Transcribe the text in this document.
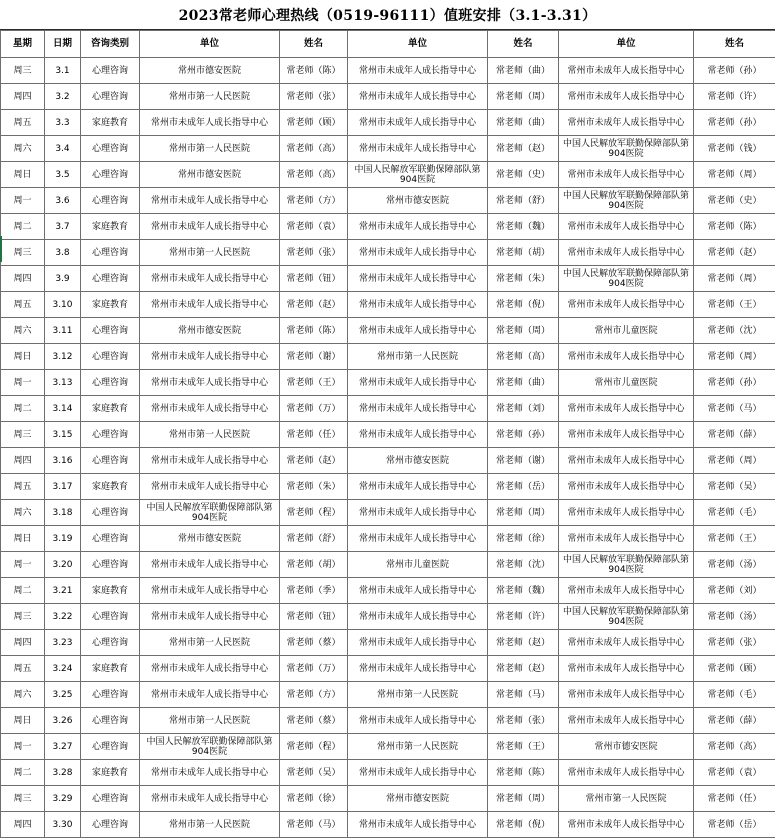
2023常老师心理热线（0519-96111）值班安排（3.1-3.31）
星期	日期	咨询类别	单位	姓名	单位	姓名	单位	姓名
周三	3.1	心理咨询	常州市德安医院	常老师（陈）	常州市未成年人成长指导中心	常老师（曲）	常州市未成年人成长指导中心	常老师（孙）
周四	3.2	心理咨询	常州市第一人民医院	常老师（张）	常州市未成年人成长指导中心	常老师（周）	常州市未成年人成长指导中心	常老师（许）
周五	3.3	家庭教育	常州市未成年人成长指导中心	常老师（顾）	常州市未成年人成长指导中心	常老师（曲）	常州市未成年人成长指导中心	常老师（孙）
周六	3.4	心理咨询	常州市第一人民医院	常老师（高）	常州市未成年人成长指导中心	常老师（赵）	中国人民解放军联勤保障部队第904医院	常老师（钱）
周日	3.5	心理咨询	常州市德安医院	常老师（高）	中国人民解放军联勤保障部队第904医院	常老师（史）	常州市未成年人成长指导中心	常老师（周）
周一	3.6	心理咨询	常州市未成年人成长指导中心	常老师（方）	常州市德安医院	常老师（舒）	中国人民解放军联勤保障部队第904医院	常老师（史）
周二	3.7	家庭教育	常州市未成年人成长指导中心	常老师（袁）	常州市未成年人成长指导中心	常老师（魏）	常州市未成年人成长指导中心	常老师（陈）
周三	3.8	心理咨询	常州市第一人民医院	常老师（张）	常州市未成年人成长指导中心	常老师（胡）	常州市未成年人成长指导中心	常老师（赵）
周四	3.9	心理咨询	常州市未成年人成长指导中心	常老师（钮）	常州市未成年人成长指导中心	常老师（朱）	中国人民解放军联勤保障部队第904医院	常老师（周）
周五	3.10	家庭教育	常州市未成年人成长指导中心	常老师（赵）	常州市未成年人成长指导中心	常老师（倪）	常州市未成年人成长指导中心	常老师（王）
周六	3.11	心理咨询	常州市德安医院	常老师（陈）	常州市未成年人成长指导中心	常老师（周）	常州市儿童医院	常老师（沈）
周日	3.12	心理咨询	常州市未成年人成长指导中心	常老师（谢）	常州市第一人民医院	常老师（高）	常州市未成年人成长指导中心	常老师（周）
周一	3.13	心理咨询	常州市未成年人成长指导中心	常老师（王）	常州市未成年人成长指导中心	常老师（曲）	常州市儿童医院	常老师（孙）
周二	3.14	家庭教育	常州市未成年人成长指导中心	常老师（万）	常州市未成年人成长指导中心	常老师（刘）	常州市未成年人成长指导中心	常老师（马）
周三	3.15	心理咨询	常州市第一人民医院	常老师（任）	常州市未成年人成长指导中心	常老师（孙）	常州市未成年人成长指导中心	常老师（薛）
周四	3.16	心理咨询	常州市未成年人成长指导中心	常老师（赵）	常州市德安医院	常老师（谢）	常州市未成年人成长指导中心	常老师（周）
周五	3.17	家庭教育	常州市未成年人成长指导中心	常老师（朱）	常州市未成年人成长指导中心	常老师（岳）	常州市未成年人成长指导中心	常老师（吴）
周六	3.18	心理咨询	中国人民解放军联勤保障部队第904医院	常老师（程）	常州市未成年人成长指导中心	常老师（周）	常州市未成年人成长指导中心	常老师（毛）
周日	3.19	心理咨询	常州市德安医院	常老师（舒）	常州市未成年人成长指导中心	常老师（徐）	常州市未成年人成长指导中心	常老师（王）
周一	3.20	心理咨询	常州市未成年人成长指导中心	常老师（胡）	常州市儿童医院	常老师（沈）	中国人民解放军联勤保障部队第904医院	常老师（汤）
周二	3.21	家庭教育	常州市未成年人成长指导中心	常老师（季）	常州市未成年人成长指导中心	常老师（魏）	常州市未成年人成长指导中心	常老师（刘）
周三	3.22	心理咨询	常州市未成年人成长指导中心	常老师（钮）	常州市未成年人成长指导中心	常老师（许）	中国人民解放军联勤保障部队第904医院	常老师（汤）
周四	3.23	心理咨询	常州市第一人民医院	常老师（蔡）	常州市未成年人成长指导中心	常老师（赵）	常州市未成年人成长指导中心	常老师（张）
周五	3.24	家庭教育	常州市未成年人成长指导中心	常老师（万）	常州市未成年人成长指导中心	常老师（赵）	常州市未成年人成长指导中心	常老师（顾）
周六	3.25	心理咨询	常州市未成年人成长指导中心	常老师（方）	常州市第一人民医院	常老师（马）	常州市未成年人成长指导中心	常老师（毛）
周日	3.26	心理咨询	常州市第一人民医院	常老师（蔡）	常州市未成年人成长指导中心	常老师（张）	常州市未成年人成长指导中心	常老师（薛）
周一	3.27	心理咨询	中国人民解放军联勤保障部队第904医院	常老师（程）	常州市第一人民医院	常老师（王）	常州市德安医院	常老师（高）
周二	3.28	家庭教育	常州市未成年人成长指导中心	常老师（吴）	常州市未成年人成长指导中心	常老师（陈）	常州市未成年人成长指导中心	常老师（袁）
周三	3.29	心理咨询	常州市未成年人成长指导中心	常老师（徐）	常州市德安医院	常老师（周）	常州市第一人民医院	常老师（任）
周四	3.30	心理咨询	常州市第一人民医院	常老师（马）	常州市未成年人成长指导中心	常老师（倪）	常州市未成年人成长指导中心	常老师（岳）
